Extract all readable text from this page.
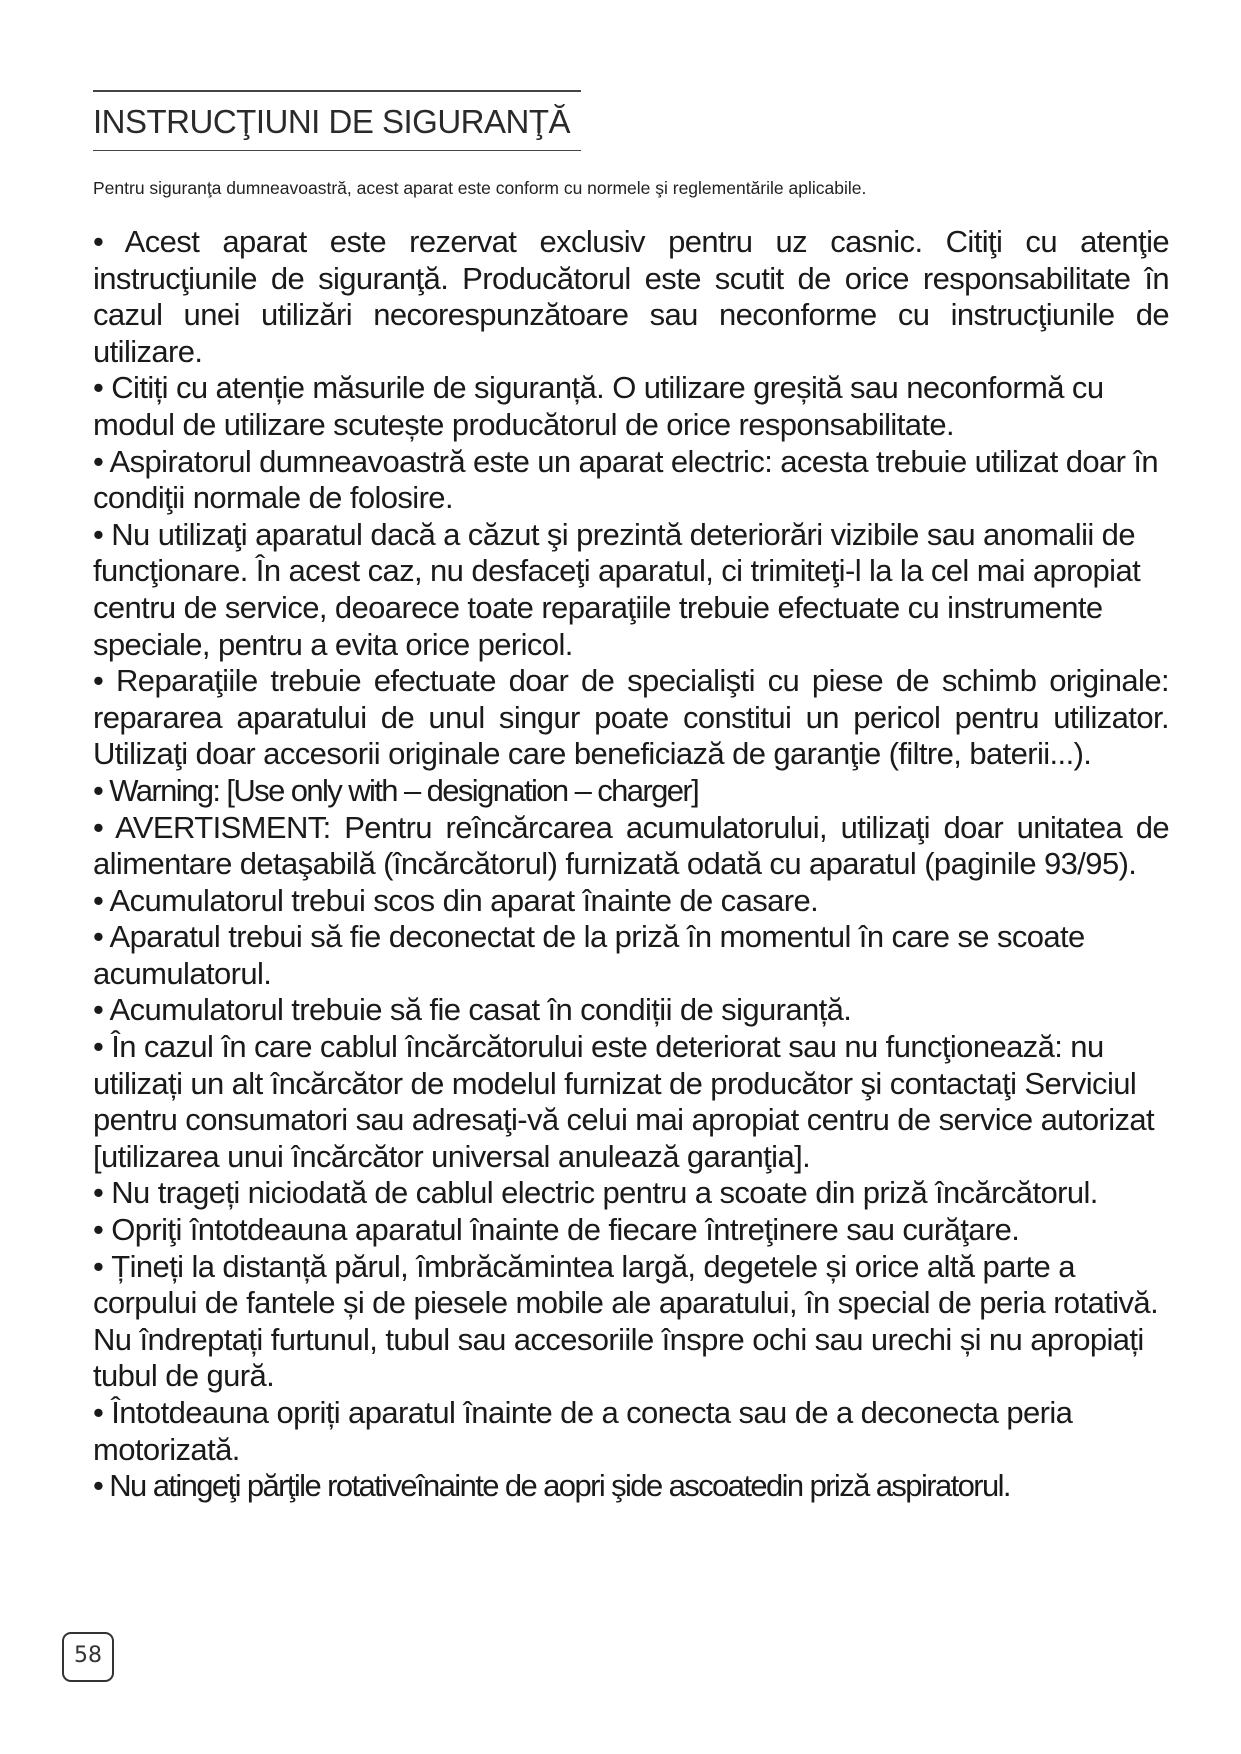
INSTRUCŢIUNI DE SIGURANŢĂ
Pentru siguranţa dumneavoastră, acest aparat este conform cu normele şi reglementările aplicabile.

• Acest aparat este rezervat exclusiv pentru uz casnic. Citiţi cu atenţie instrucţiunile de siguranţă. Producătorul este scutit de orice responsabilitate în cazul unei utilizări necorespunzătoare sau neconforme cu instrucţiunile de utilizare.

• Citiți cu atenție măsurile de siguranță. O utilizare greșită sau neconformă cu modul de utilizare scutește producătorul de orice responsabilitate.

• Aspiratorul dumneavoastră este un aparat electric: acesta trebuie utilizat doar în condiţii normale de folosire.

• Nu utilizaţi aparatul dacă a căzut şi prezintă deteriorări vizibile sau anomalii de funcţionare. În acest caz, nu desfaceţi aparatul, ci trimiteţi-l la la cel mai apropiat centru de service, deoarece toate reparaţiile trebuie efectuate cu instrumente speciale, pentru a evita orice pericol.

• Reparaţiile trebuie efectuate doar de specialişti cu piese de schimb originale: repararea aparatului de unul singur poate constitui un pericol pentru utilizator. Utilizaţi doar accesorii originale care beneficiază de garanţie (filtre, baterii...).

• Warning: [Use only with – designation – charger]

• AVERTISMENT: Pentru reîncărcarea acumulatorului, utilizaţi doar unitatea de alimentare detaşabilă (încărcătorul) furnizată odată cu aparatul (paginile 93/95).

• Acumulatorul trebui scos din aparat înainte de casare.

• Aparatul trebui să fie deconectat de la priză în momentul în care se scoate acumulatorul.

• Acumulatorul trebuie să fie casat în condiții de siguranță.

• În cazul în care cablul încărcătorului este deteriorat sau nu funcţionează: nu utilizați un alt încărcător de modelul furnizat de producător şi contactaţi Serviciul pentru consumatori sau adresaţi-vă celui mai apropiat centru de service autorizat [utilizarea unui încărcător universal anulează garanţia].

• Nu trageți niciodată de cablul electric pentru a scoate din priză încărcătorul.

• Opriţi întotdeauna aparatul înainte de fiecare întreţinere sau curăţare.

• Țineți la distanță părul, îmbrăcămintea largă, degetele și orice altă parte a corpului de fantele și de piesele mobile ale aparatului, în special de peria rotativă. Nu îndreptați furtunul, tubul sau accesoriile înspre ochi sau urechi și nu apropiați tubul de gură.

• Întotdeauna opriți aparatul înainte de a conecta sau de a deconecta peria motorizată.

• Nu atingeţi părţile rotativeînainte de aopri şide ascoatedin priză aspiratorul.

58
